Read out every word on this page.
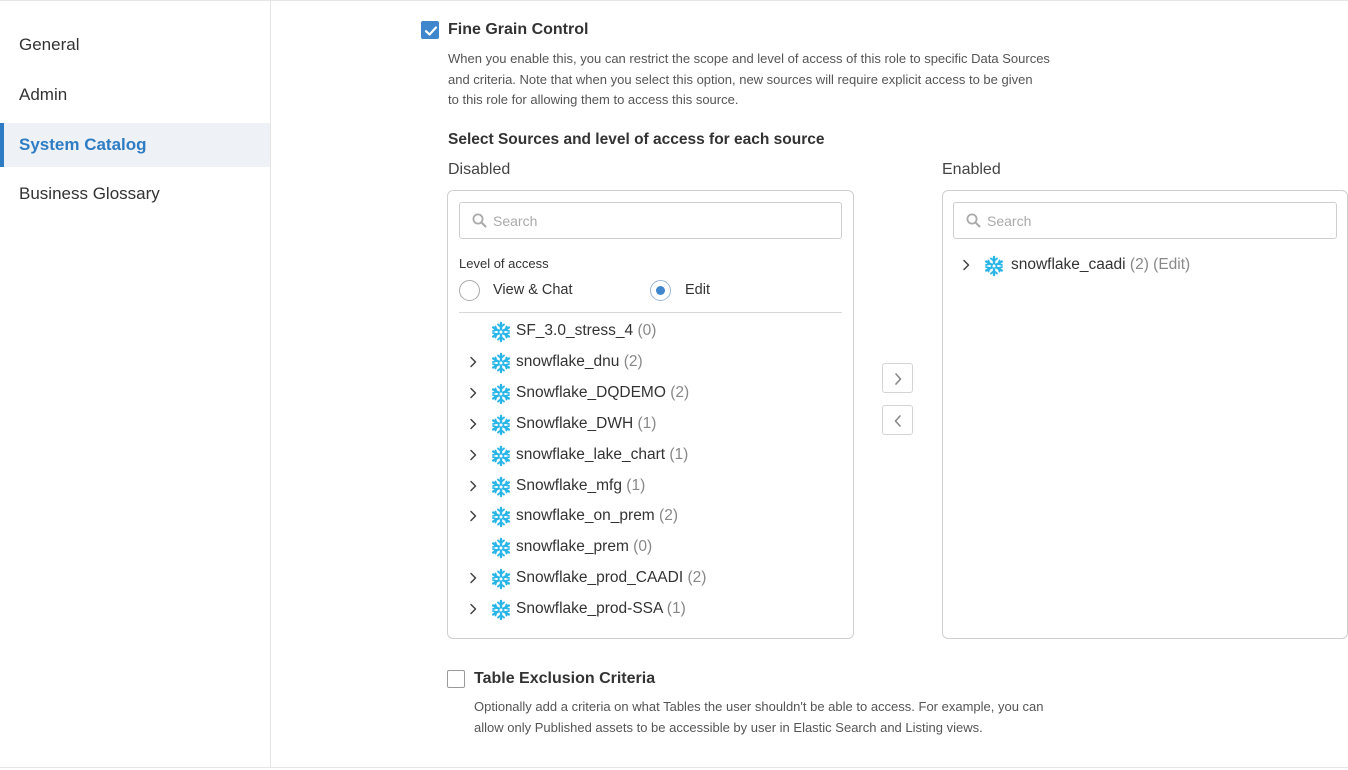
General
Admin
System Catalog
Business Glossary
Fine Grain Control
When you enable this, you can restrict the scope and level of access of this role to specific Data Sources
and criteria. Note that when you select this option, new sources will require explicit access to be given
to this role for allowing them to access this source.
Select Sources and level of access for each source
Disabled	Enabled
Search
Level of access
View & Chat	Edit
SF_3.0_stress_4 (0)
snowflake_dnu (2)
Snowflake_DQDEMO (2)
Snowflake_DWH (1)
snowflake_lake_chart (1)
Snowflake_mfg (1)
snowflake_on_prem (2)
snowflake_prem (0)
Snowflake_prod_CAADI (2)
Snowflake_prod-SSA (1)
Search
snowflake_caadi (2) (Edit)
Table Exclusion Criteria
Optionally add a criteria on what Tables the user shouldn't be able to access. For example, you can
allow only Published assets to be accessible by user in Elastic Search and Listing views.
